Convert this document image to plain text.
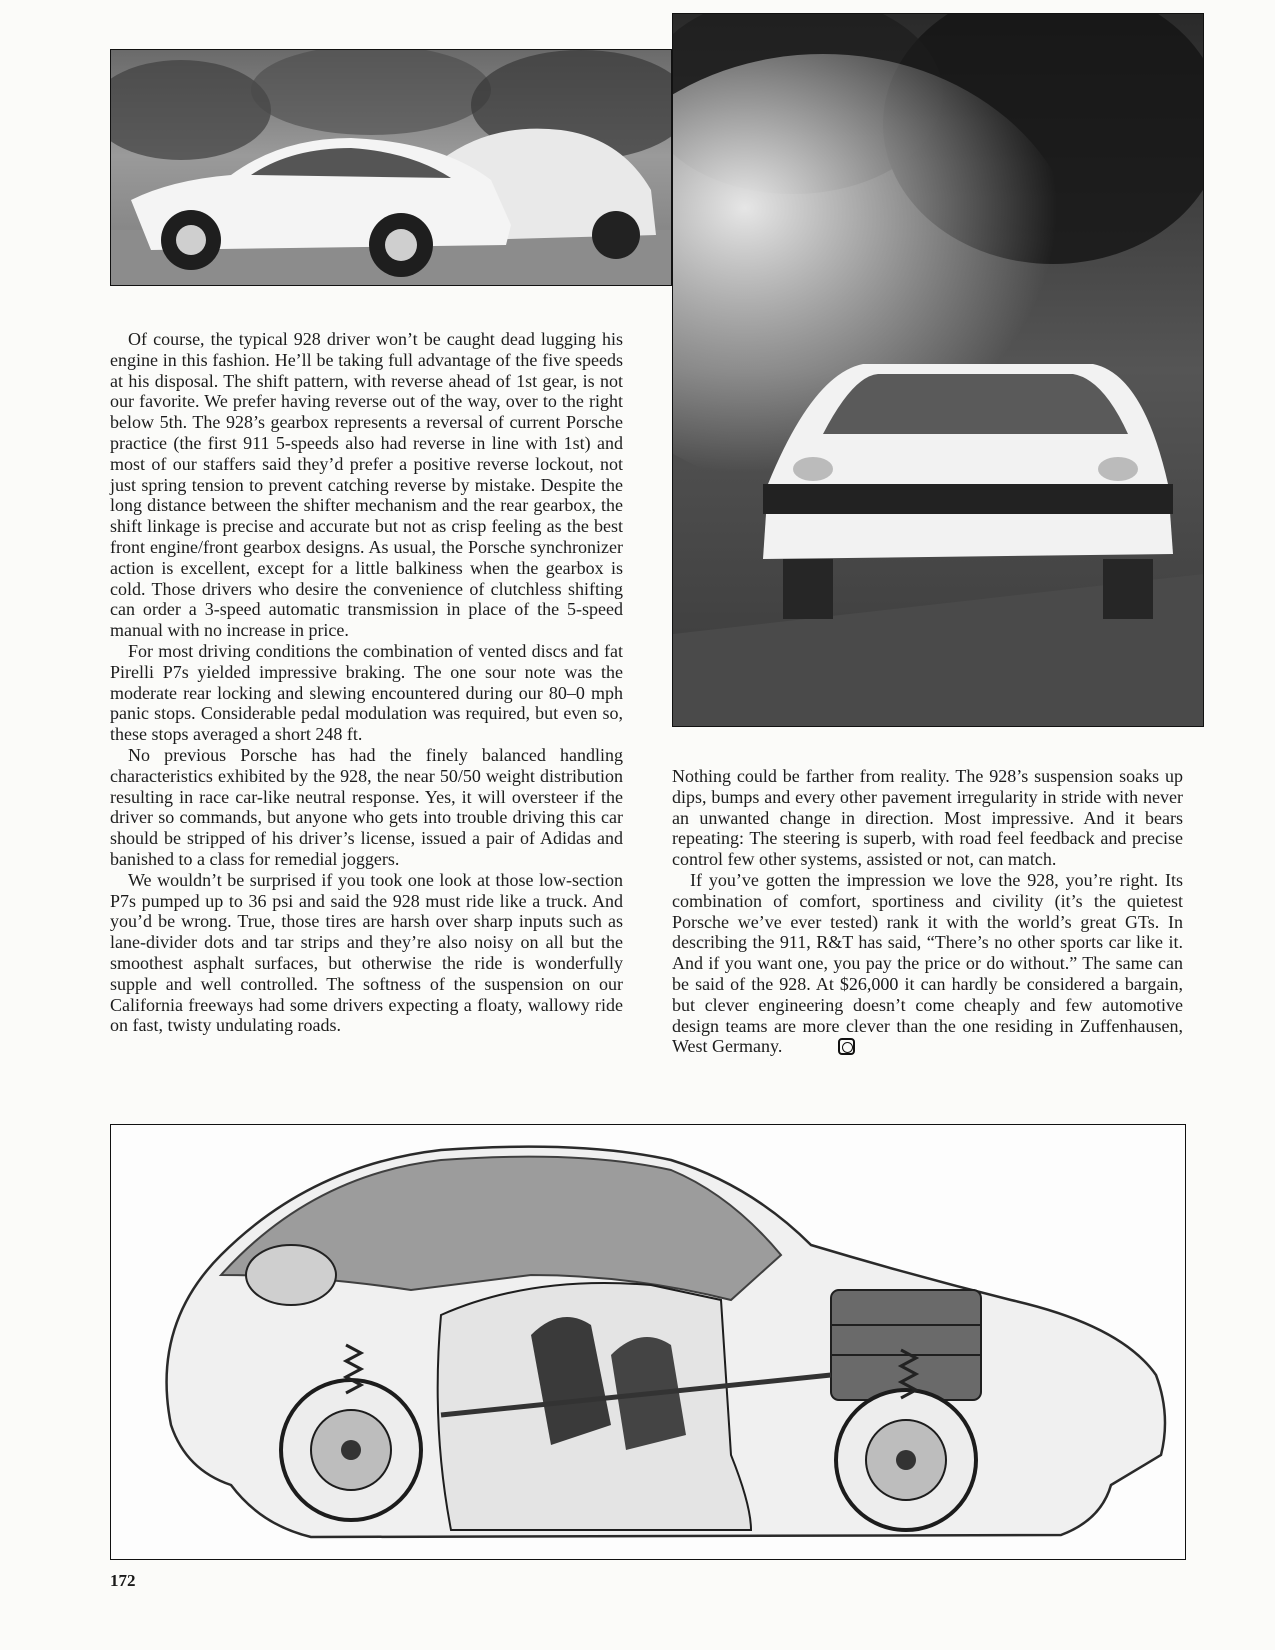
Of course, the typical 928 driver won’t be caught dead lugging his engine in this fashion. He’ll be taking full advantage of the five speeds at his disposal. The shift pattern, with reverse ahead of 1st gear, is not our favorite. We prefer having reverse out of the way, over to the right below 5th. The 928’s gearbox represents a reversal of current Porsche practice (the first 911 5-speeds also had reverse in line with 1st) and most of our staffers said they’d prefer a positive reverse lockout, not just spring tension to prevent catching reverse by mistake. Despite the long distance between the shifter mechanism and the rear gearbox, the shift linkage is precise and accurate but not as crisp feeling as the best front engine/front gearbox designs. As usual, the Porsche synchronizer action is excellent, except for a little balkiness when the gearbox is cold. Those drivers who desire the convenience of clutchless shifting can order a 3-speed automatic transmission in place of the 5-speed manual with no increase in price.

For most driving conditions the combination of vented discs and fat Pirelli P7s yielded impressive braking. The one sour note was the moderate rear locking and slewing encountered during our 80–0 mph panic stops. Considerable pedal modulation was required, but even so, these stops averaged a short 248 ft.

No previous Porsche has had the finely balanced handling characteristics exhibited by the 928, the near 50/50 weight distribution resulting in race car-like neutral response. Yes, it will oversteer if the driver so commands, but anyone who gets into trouble driving this car should be stripped of his driver’s license, issued a pair of Adidas and banished to a class for remedial joggers.

We wouldn’t be surprised if you took one look at those low-section P7s pumped up to 36 psi and said the 928 must ride like a truck. And you’d be wrong. True, those tires are harsh over sharp inputs such as lane-divider dots and tar strips and they’re also noisy on all but the smoothest asphalt surfaces, but otherwise the ride is wonderfully supple and well controlled. The softness of the suspension on our California freeways had some drivers expecting a floaty, wallowy ride on fast, twisty undulating roads.

Nothing could be farther from reality. The 928’s suspension soaks up dips, bumps and every other pavement irregularity in stride with never an unwanted change in direction. Most impressive. And it bears repeating: The steering is superb, with road feel feedback and precise control few other systems, assisted or not, can match.

If you’ve gotten the impression we love the 928, you’re right. Its combination of comfort, sportiness and civility (it’s the quietest Porsche we’ve ever tested) rank it with the world’s great GTs. In describing the 911, R&T has said, “There’s no other sports car like it. And if you want one, you pay the price or do without.” The same can be said of the 928. At $26,000 it can hardly be considered a bargain, but clever engineering doesn’t come cheaply and few automotive design teams are more clever than the one residing in Zuffenhausen, West Germany.

172
